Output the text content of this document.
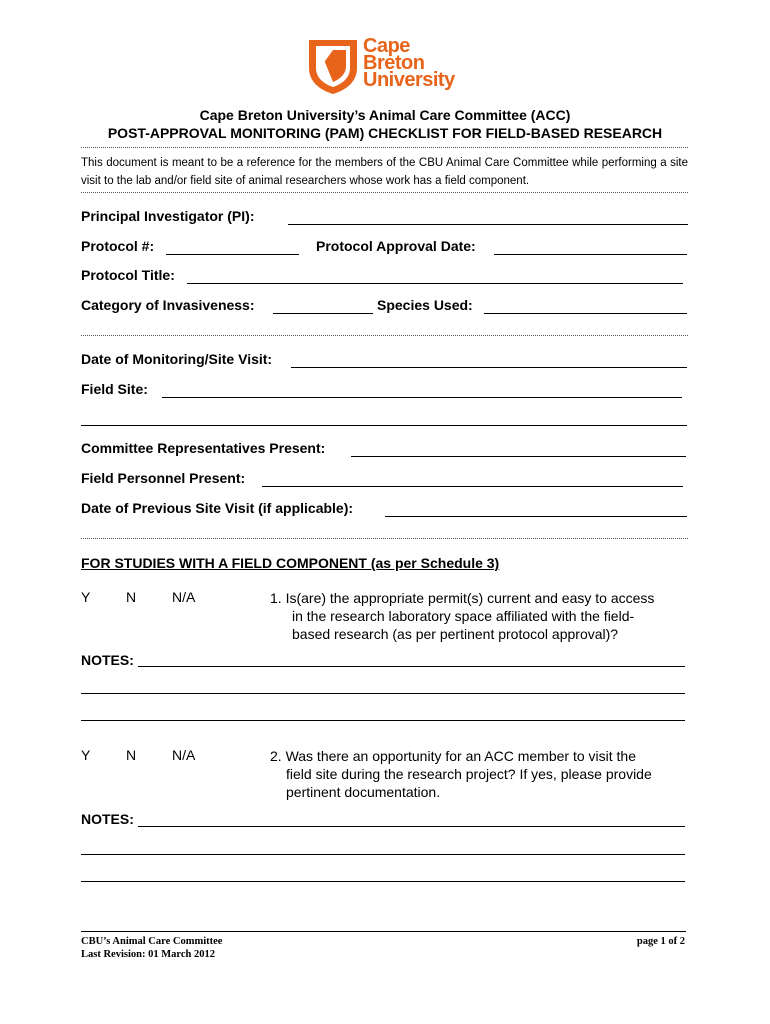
Cape
Breton
University
Cape Breton University’s Animal Care Committee (ACC)
POST-APPROVAL MONITORING (PAM) CHECKLIST FOR FIELD-BASED RESEARCH
This document is meant to be a reference for the members of the CBU Animal Care Committee while performing a site visit to the lab and/or field site of animal researchers whose work has a field component.
Principal Investigator (PI):
Protocol #:	Protocol Approval Date:
Protocol Title:
Category of Invasiveness:	Species Used:
Date of Monitoring/Site Visit:
Field Site:
Committee Representatives Present:
Field Personnel Present:
Date of Previous Site Visit (if applicable):
FOR STUDIES WITH A FIELD COMPONENT (as per Schedule 3)
Y	N	N/A	1. Is(are) the appropriate permit(s) current and easy to access
in the research laboratory space affiliated with the field-
based research (as per pertinent protocol approval)?
NOTES:
Y	N	N/A	2. Was there an opportunity for an ACC member to visit the
field site during the research project? If yes, please provide
pertinent documentation.
NOTES:
CBU’s Animal Care Committee
Last Revision: 01 March 2012
page 1 of 2
